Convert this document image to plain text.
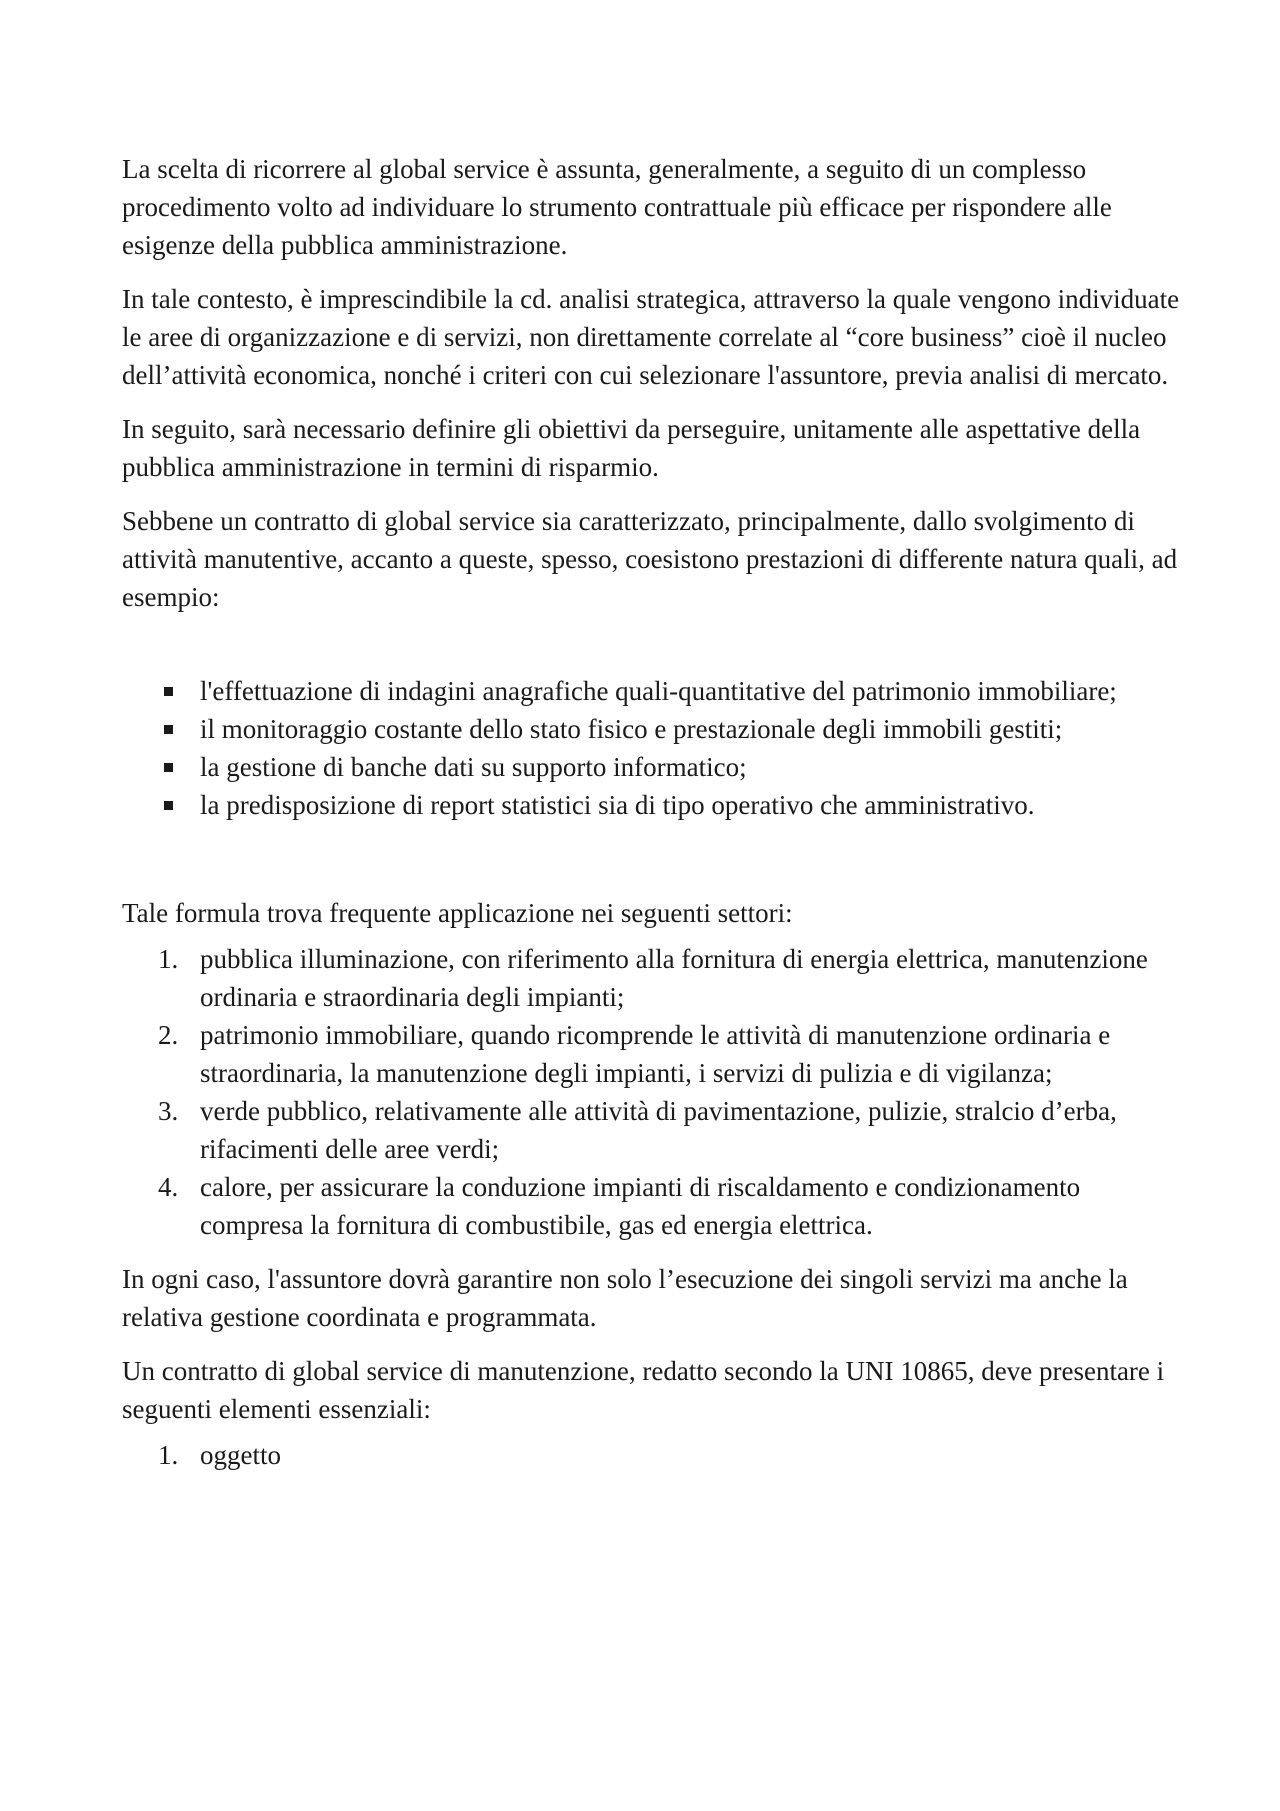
La scelta di ricorrere al global service è assunta, generalmente, a seguito di un complesso procedimento volto ad individuare lo strumento contrattuale più efficace per rispondere alle esigenze della pubblica amministrazione.

In tale contesto, è imprescindibile la cd. analisi strategica, attraverso la quale vengono individuate le aree di organizzazione e di servizi, non direttamente correlate al “core business” cioè il nucleo dell’attività economica, nonché i criteri con cui selezionare l'assuntore, previa analisi di mercato.

In seguito, sarà necessario definire gli obiettivi da perseguire, unitamente alle aspettative della pubblica amministrazione in termini di risparmio.

Sebbene un contratto di global service sia caratterizzato, principalmente, dallo svolgimento di attività manutentive, accanto a queste, spesso, coesistono prestazioni di differente natura quali, ad esempio:

l'effettuazione di indagini anagrafiche quali-quantitative del patrimonio immobiliare;
il monitoraggio costante dello stato fisico e prestazionale degli immobili gestiti;
la gestione di banche dati su supporto informatico;
la predisposizione di report statistici sia di tipo operativo che amministrativo.

Tale formula trova frequente applicazione nei seguenti settori:

1. pubblica illuminazione, con riferimento alla fornitura di energia elettrica, manutenzione ordinaria e straordinaria degli impianti;
2. patrimonio immobiliare, quando ricomprende le attività di manutenzione ordinaria e straordinaria, la manutenzione degli impianti, i servizi di pulizia e di vigilanza;
3. verde pubblico, relativamente alle attività di pavimentazione, pulizie, stralcio d’erba, rifacimenti delle aree verdi;
4. calore, per assicurare la conduzione impianti di riscaldamento e condizionamento compresa la fornitura di combustibile, gas ed energia elettrica.

In ogni caso, l'assuntore dovrà garantire non solo l’esecuzione dei singoli servizi ma anche la relativa gestione coordinata e programmata.

Un contratto di global service di manutenzione, redatto secondo la UNI 10865, deve presentare i seguenti elementi essenziali:

1. oggetto
